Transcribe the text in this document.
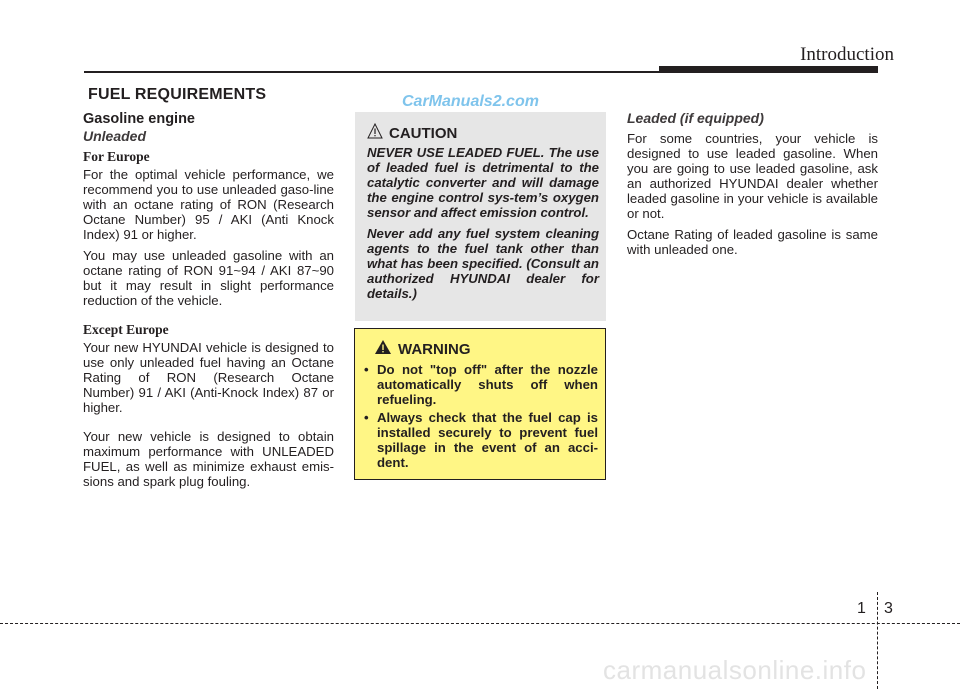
Introduction
FUEL REQUIREMENTS	CarManuals2.com
Gasoline engine
Unleaded
For Europe

For the optimal vehicle performance, we recommend you to use unleaded gaso-line with an octane rating of RON (Research Octane Number) 95 / AKI (Anti Knock Index) 91 or higher.

You may use unleaded gasoline with an octane rating of RON 91~94 / AKI 87~90 but it may result in slight performance reduction of the vehicle.

Except Europe

Your new HYUNDAI vehicle is designed to use only unleaded fuel having an Octane Rating of RON (Research Octane Number) 91 / AKI (Anti-Knock Index) 87 or higher.

Your new vehicle is designed to obtain maximum performance with UNLEADED FUEL, as well as minimize exhaust emis-sions and spark plug fouling.

CAUTION

NEVER USE LEADED FUEL. The use of leaded fuel is detrimental to the catalytic converter and will damage the engine control sys-tem’s oxygen sensor and affect emission control.

Never add any fuel system cleaning agents to the fuel tank other than what has been specified. (Consult an authorized HYUNDAI dealer for details.)

WARNING
• Do not "top off" after the nozzle automatically shuts off when refueling.
• Always check that the fuel cap is installed securely to prevent fuel spillage in the event of an acci-dent.
Leaded (if equipped)

For some countries, your vehicle is designed to use leaded gasoline. When you are going to use leaded gasoline, ask an authorized HYUNDAI dealer whether leaded gasoline in your vehicle is available or not.

Octane Rating of leaded gasoline is same with unleaded one.

1 3
carmanualsonline.info
